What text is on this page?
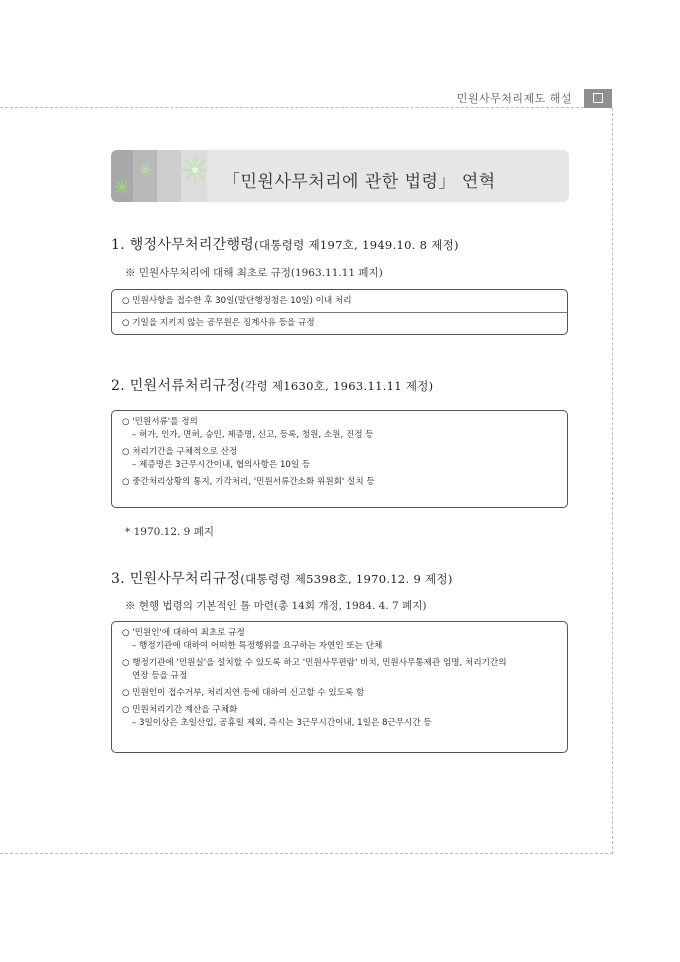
민원사무처리제도 해설
「민원사무처리에 관한 법령」 연혁
1. 행정사무처리간행령(대통령령 제197호, 1949.10. 8 제정)
※ 민원사무처리에 대해 최초로 규정(1963.11.11 폐지)
○ 민원사항을 접수한 후 30일(말단행정청은 10일) 이내 처리
○ 기일을 지키지 않는 공무원은 징계사유 등을 규정
2. 민원서류처리규정(각령 제1630호, 1963.11.11 제정)
○ '민원서류'를 정의
– 허가, 인가, 면허, 승인, 제증명, 신고, 등록, 청원, 소원, 진정 등
○ 처리기간을 구체적으로 산정
– 제증명은 3근무시간이내, 협의사항은 10일 등
○ 중간처리상황의 통지, 기각처리, '민원서류간소화 위원회' 설치 등
* 1970.12. 9 폐지
3. 민원사무처리규정(대통령령 제5398호, 1970.12. 9 제정)
※ 현행 법령의 기본적인 틀 마련(총 14회 개정, 1984. 4. 7 폐지)
○ '민원인'에 대하여 최초로 규정
– 행정기관에 대하여 어떠한 특정행위를 요구하는 자연인 또는 단체
○ 행정기관에 '민원실'을 설치할 수 있도록 하고 '민원사무편람' 비치, 민원사무통제관 임명, 처리기간의
연장 등을 규정
○ 민원인이 접수거부, 처리지연 등에 대하여 신고할 수 있도록 함
○ 민원처리기간 계산을 구체화
– 3일이상은 초일산입, 공휴일 제외, 즉시는 3근무시간이내, 1일은 8근무시간 등
